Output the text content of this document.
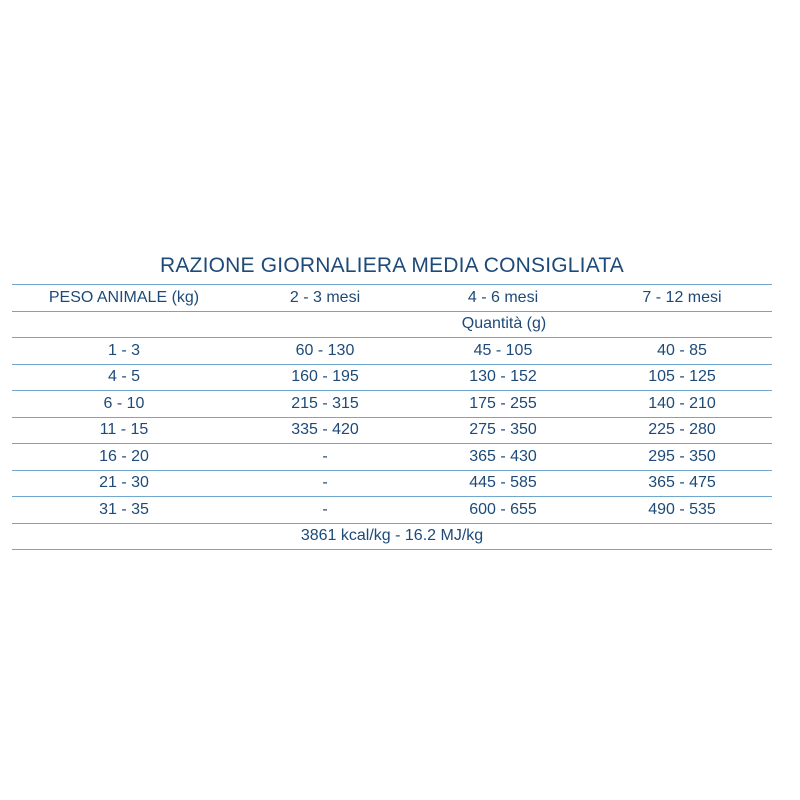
RAZIONE GIORNALIERA MEDIA CONSIGLIATA
PESO ANIMALE (kg)	2 - 3 mesi	4 - 6 mesi	7 - 12 mesi
	Quantità (g)		
1 - 3	60 - 130	45 - 105	40 - 85
4 - 5	160 - 195	130 - 152	105 - 125
6 - 10	215 - 315	175 - 255	140 - 210
11 - 15	335 - 420	275 - 350	225 - 280
16 - 20	-	365 - 430	295 - 350
21 - 30	-	445 - 585	365 - 475
31 - 35	-	600 - 655	490 - 535
3861 kcal/kg - 16.2 MJ/kg			
